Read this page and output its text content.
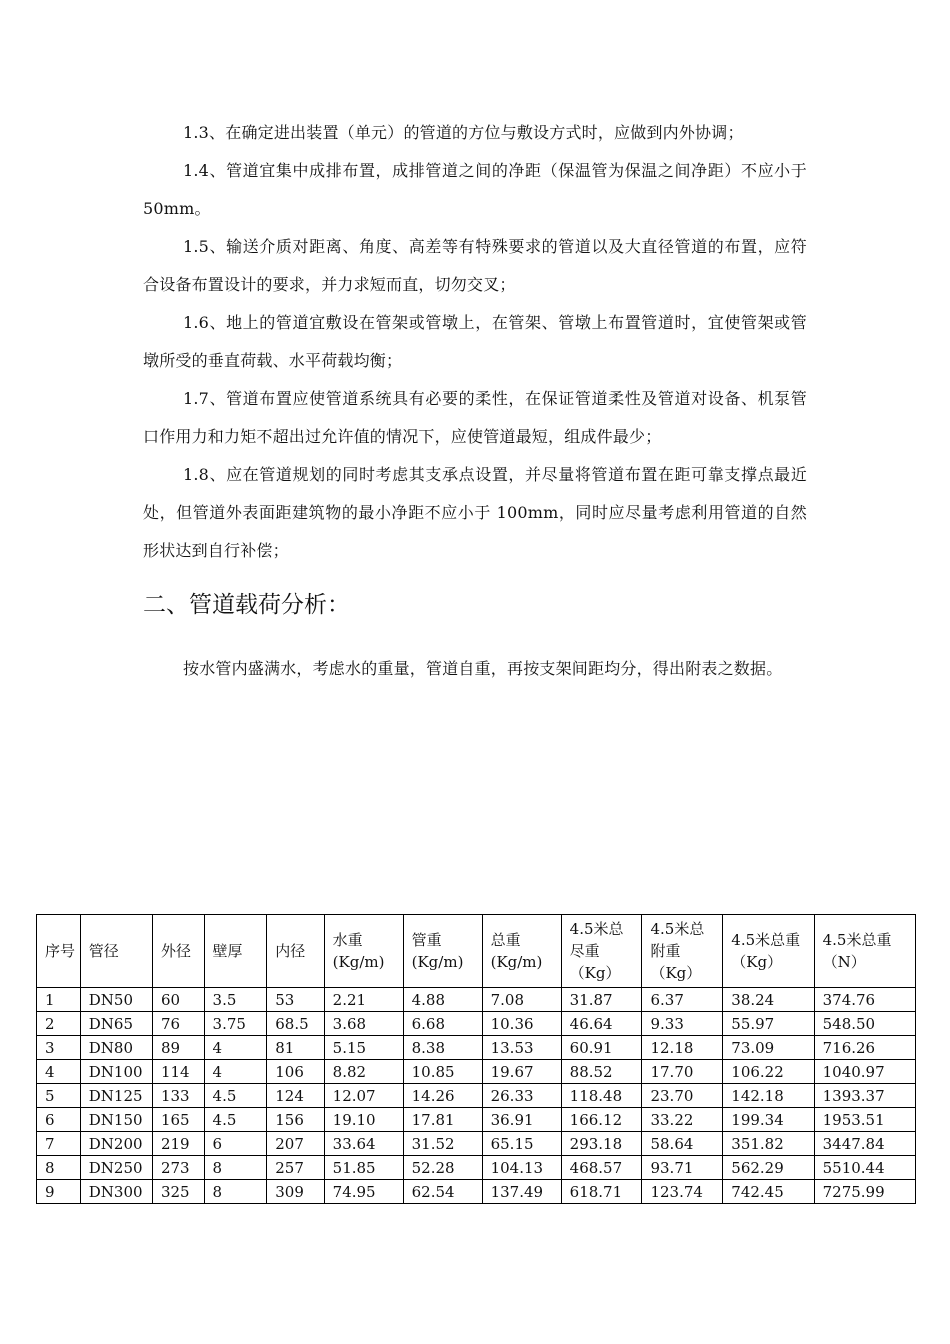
1.3、在确定进出装置（单元）的管道的方位与敷设方式时，应做到内外协调；

1.4、管道宜集中成排布置，成排管道之间的净距（保温管为保温之间净距）不应小于 50mm。

1.5、输送介质对距离、角度、高差等有特殊要求的管道以及大直径管道的布置，应符合设备布置设计的要求，并力求短而直，切勿交叉；

1.6、地上的管道宜敷设在管架或管墩上，在管架、管墩上布置管道时，宜使管架或管墩所受的垂直荷载、水平荷载均衡；

1.7、管道布置应使管道系统具有必要的柔性，在保证管道柔性及管道对设备、机泵管口作用力和力矩不超出过允许值的情况下，应使管道最短，组成件最少；

1.8、应在管道规划的同时考虑其支承点设置，并尽量将管道布置在距可靠支撑点最近处，但管道外表面距建筑物的最小净距不应小于 100mm，同时应尽量考虑利用管道的自然形状达到自行补偿；

二、管道载荷分析：

按水管内盛满水，考虑水的重量，管道自重，再按支架间距均分，得出附表之数据。

序号	管径	外径	壁厚	内径	水重(Kg/m)	管重(Kg/m)	总重(Kg/m)	4.5米总尽重（Kg）	4.5米总附重（Kg）	4.5米总重（Kg）	4.5米总重（N）
1	DN50	60	3.5	53	2.21	4.88	7.08	31.87	6.37	38.24	374.76
2	DN65	76	3.75	68.5	3.68	6.68	10.36	46.64	9.33	55.97	548.50
3	DN80	89	4	81	5.15	8.38	13.53	60.91	12.18	73.09	716.26
4	DN100	114	4	106	8.82	10.85	19.67	88.52	17.70	106.22	1040.97
5	DN125	133	4.5	124	12.07	14.26	26.33	118.48	23.70	142.18	1393.37
6	DN150	165	4.5	156	19.10	17.81	36.91	166.12	33.22	199.34	1953.51
7	DN200	219	6	207	33.64	31.52	65.15	293.18	58.64	351.82	3447.84
8	DN250	273	8	257	51.85	52.28	104.13	468.57	93.71	562.29	5510.44
9	DN300	325	8	309	74.95	62.54	137.49	618.71	123.74	742.45	7275.99
